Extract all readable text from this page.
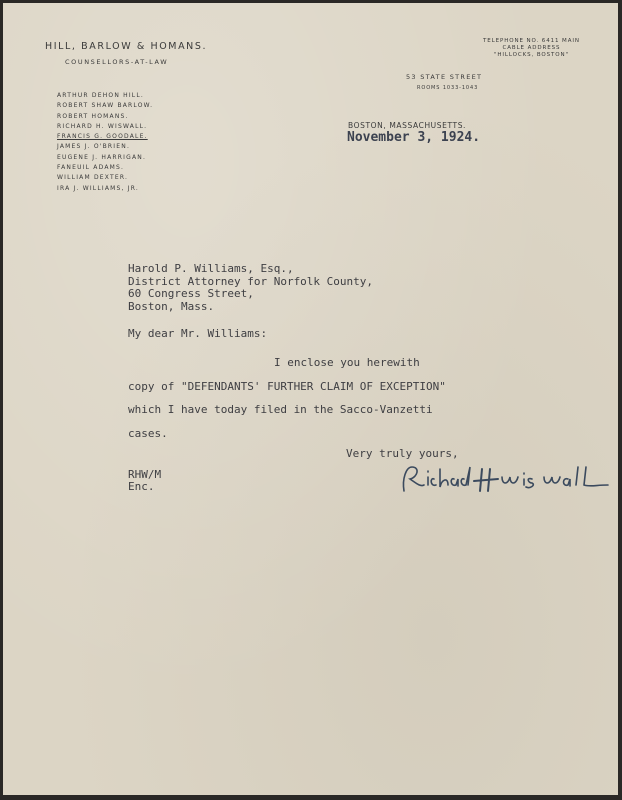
HILL, BARLOW & HOMANS.
COUNSELLORS-AT-LAW
ARTHUR DEHON HILL.
ROBERT SHAW BARLOW.
ROBERT HOMANS.
RICHARD H. WISWALL.
FRANCIS G. GOODALE.
JAMES J. O'BRIEN.
EUGENE J. HARRIGAN.
FANEUIL ADAMS.
WILLIAM DEXTER.
IRA J. WILLIAMS, JR.
TELEPHONE NO. 6411 MAIN
CABLE ADDRESS
"HILLOCKS, BOSTON"
53 STATE STREET
ROOMS 1033-1043
BOSTON, MASSACHUSETTS.
November 3, 1924.
Harold P. Williams, Esq.,
District Attorney for Norfolk County,
60 Congress Street,
Boston, Mass.
My dear Mr. Williams:
I enclose you herewith
copy of "DEFENDANTS' FURTHER CLAIM OF EXCEPTION"
which I have today filed in the Sacco-Vanzetti
cases.
Very truly yours,
RHW/M
Enc.
